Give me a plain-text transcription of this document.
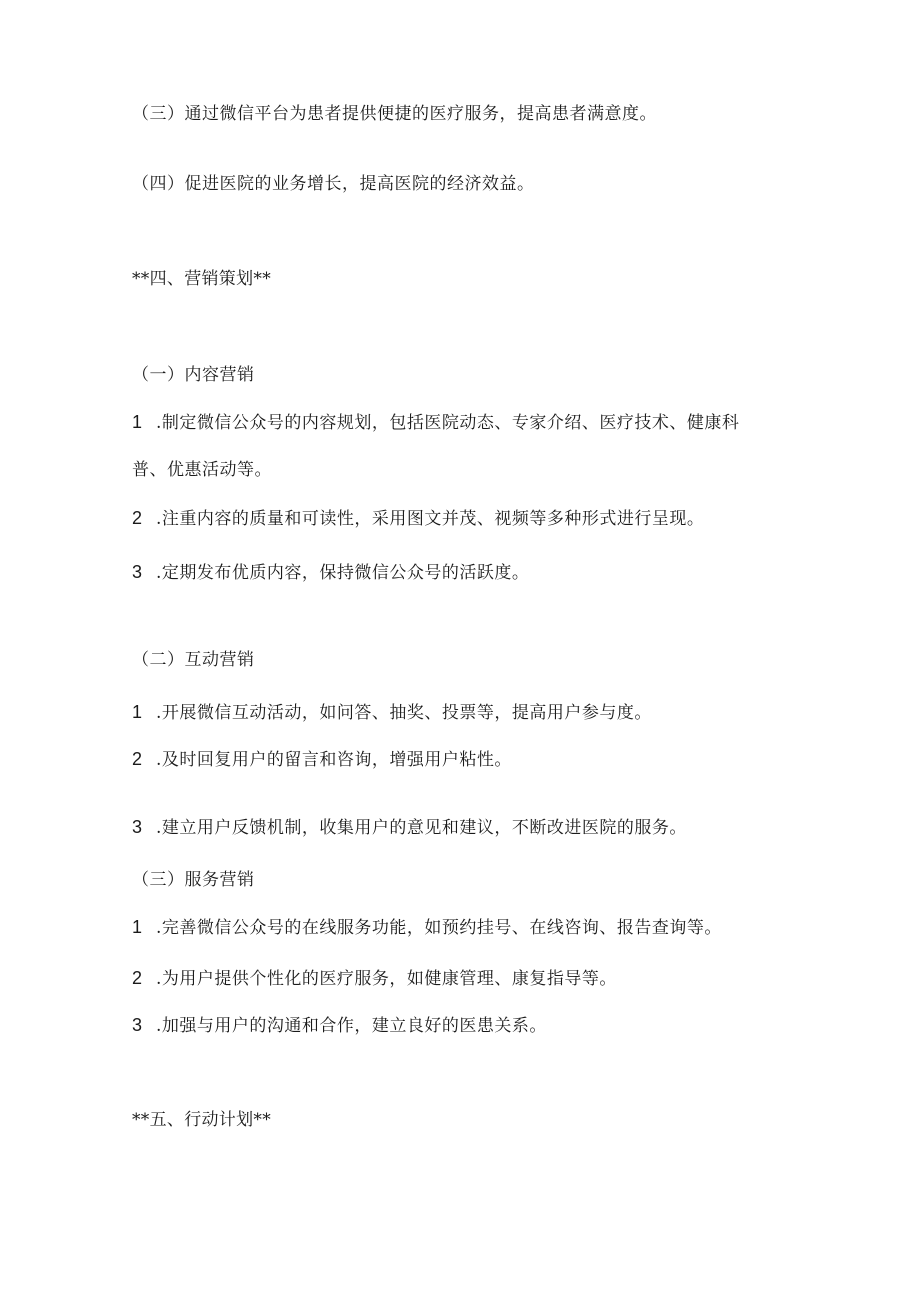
（三）通过微信平台为患者提供便捷的医疗服务，提高患者满意度。
（四）促进医院的业务增长，提高医院的经济效益。
**四、营销策划**
（一）内容营销
1 .制定微信公众号的内容规划，包括医院动态、专家介绍、医疗技术、健康科
普、优惠活动等。
2 .注重内容的质量和可读性，采用图文并茂、视频等多种形式进行呈现。
3 .定期发布优质内容，保持微信公众号的活跃度。
（二）互动营销
1 .开展微信互动活动，如问答、抽奖、投票等，提高用户参与度。
2 .及时回复用户的留言和咨询，增强用户粘性。
3 .建立用户反馈机制，收集用户的意见和建议，不断改进医院的服务。
（三）服务营销
1 .完善微信公众号的在线服务功能，如预约挂号、在线咨询、报告查询等。
2 .为用户提供个性化的医疗服务，如健康管理、康复指导等。
3 .加强与用户的沟通和合作，建立良好的医患关系。
**五、行动计划**
